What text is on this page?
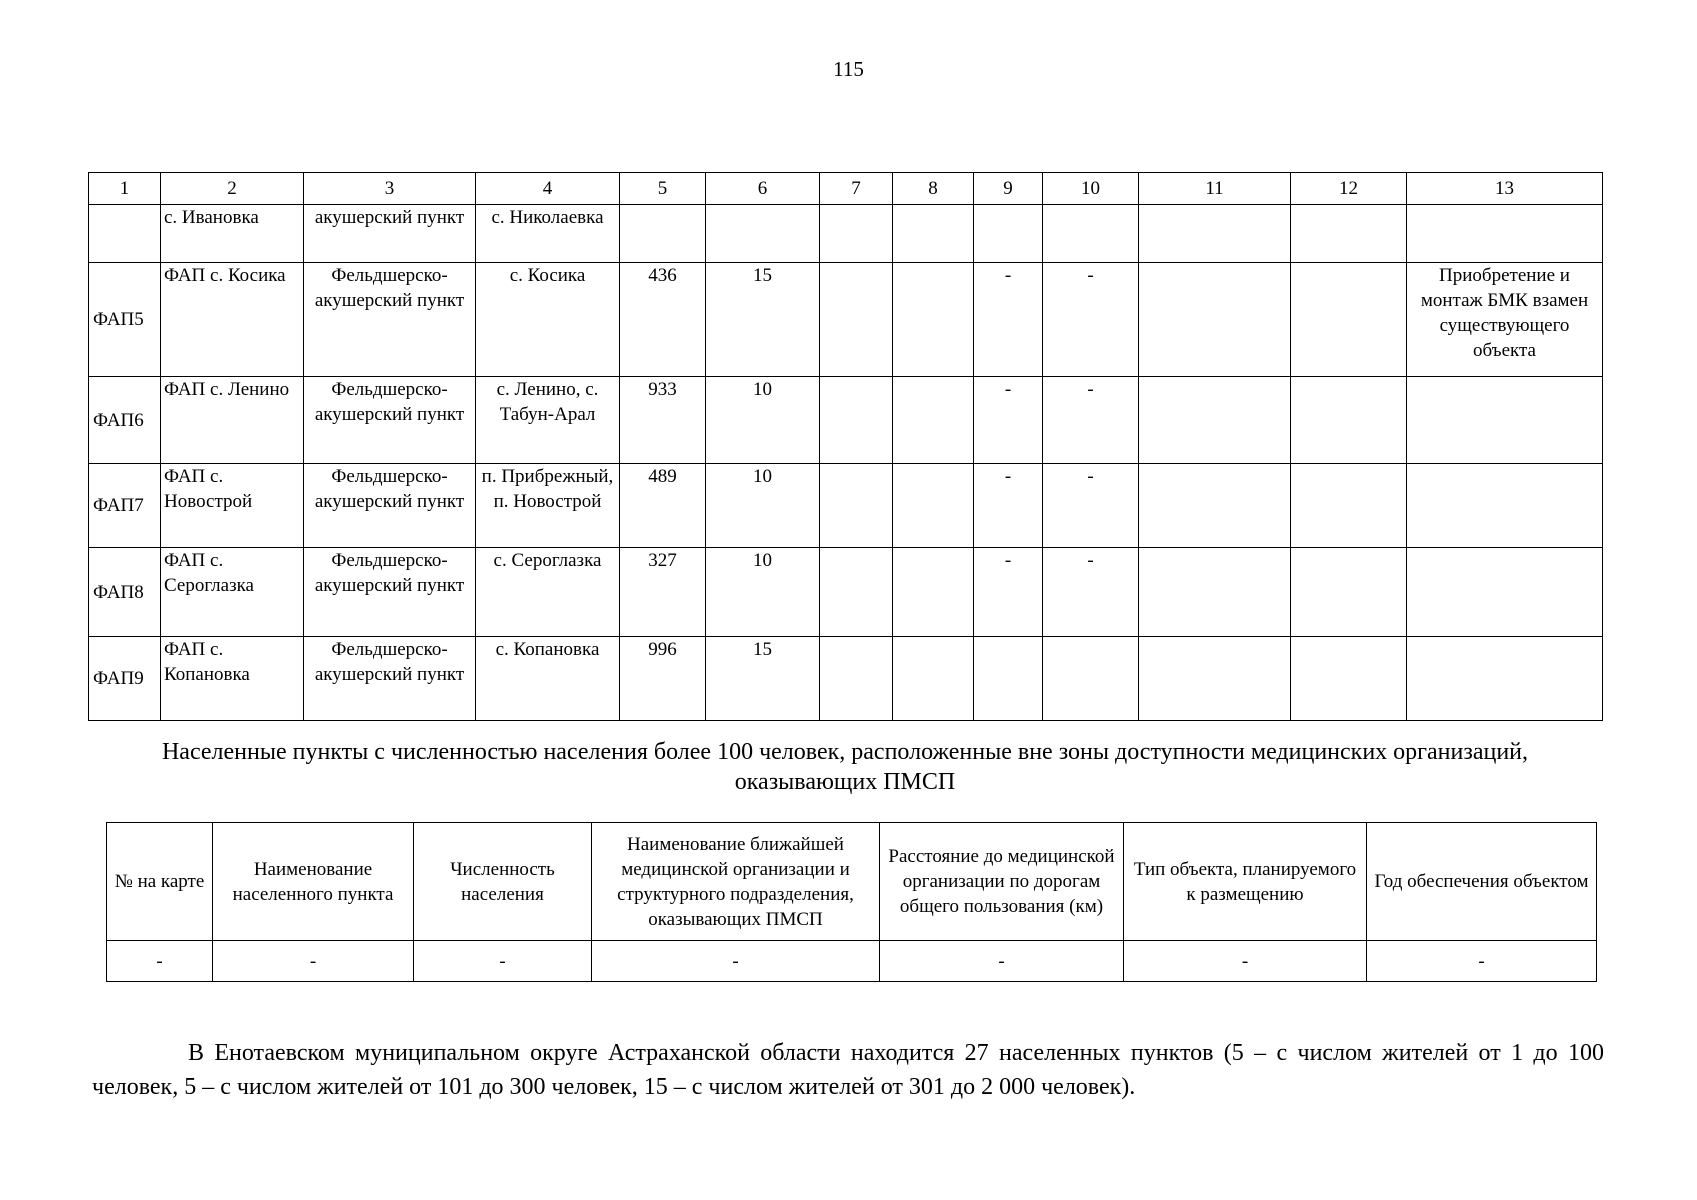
115
1	2	3	4	5	6	7	8	9	10	11	12	13
	с. Ивановка	акушерский пункт	с. Николаевка									
ФАП5	ФАП с. Косика	Фельдшерско-акушерский пункт	с. Косика	436	15			-	-			Приобретение и монтаж БМК взамен существующего объекта
ФАП6	ФАП с. Ленино	Фельдшерско-акушерский пункт	с. Ленино, с. Табун-Арал	933	10			-	-			
ФАП7	ФАП с. Новострой	Фельдшерско-акушерский пункт	п. Прибрежный, п. Новострой	489	10			-	-			
ФАП8	ФАП с. Сероглазка	Фельдшерско-акушерский пункт	с. Сероглазка	327	10			-	-			
ФАП9	ФАП с. Копановка	Фельдшерско-акушерский пункт	с. Копановка	996	15							
Населенные пункты с численностью населения более 100 человек, расположенные вне зоны доступности медицинских организаций, оказывающих ПМСП
№ на карте	Наименование населенного пункта	Численность населения	Наименование ближайшей медицинской организации и структурного подразделения, оказывающих ПМСП	Расстояние до медицинской организации по дорогам общего пользования (км)	Тип объекта, планируемого к размещению	Год обеспечения объектом
-	-	-	-	-	-	-

В Енотаевском муниципальном округе Астраханской области находится 27 населенных пунктов (5 – с числом жителей от 1 до 100 человек, 5 – с числом жителей от 101 до 300 человек, 15 – с числом жителей от 301 до 2 000 человек).
